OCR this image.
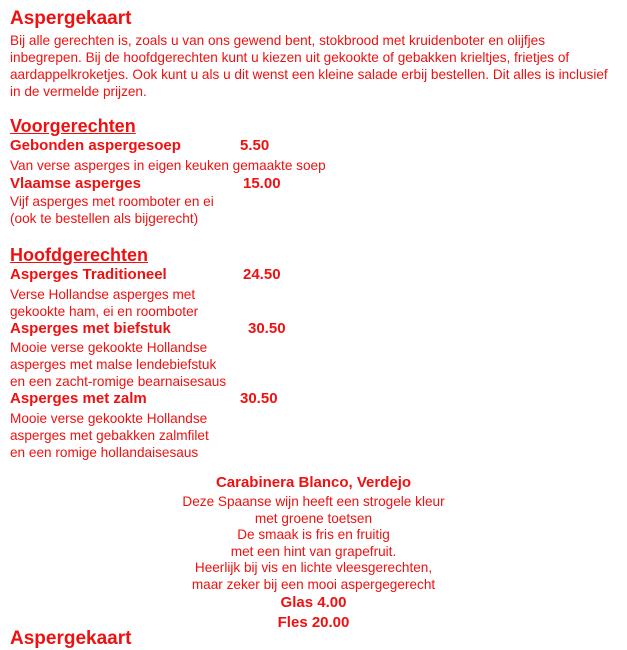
Aspergekaart

Bij alle gerechten is, zoals u van ons gewend bent, stokbrood met kruidenboter en olijfjes inbegrepen. Bij de hoofdgerechten kunt u kiezen uit gekookte of gebakken krieltjes, frietjes of aardappelkroketjes. Ook kunt u als u dit wenst een kleine salade erbij bestellen. Dit alles is inclusief in de vermelde prijzen.

Voorgerechten
Gebonden aspergesoep	5.50
Van verse asperges in eigen keuken gemaakte soep
Vlaamse asperges	15.00
Vijf asperges met roomboter en ei
(ook te bestellen als bijgerecht)
Hoofdgerechten
Asperges Traditioneel	24.50
Verse Hollandse asperges met
gekookte ham, ei en roomboter
Asperges met biefstuk	30.50
Mooie verse gekookte Hollandse
asperges met malse lendebiefstuk
en een zacht-romige bearnaisesaus
Asperges met zalm	30.50
Mooie verse gekookte Hollandse
asperges met gebakken zalmfilet
en een romige hollandaisesaus
Carabinera Blanco, Verdejo
Deze Spaanse wijn heeft een strogele kleur
met groene toetsen
De smaak is fris en fruitig
met een hint van grapefruit.
Heerlijk bij vis en lichte vleesgerechten,
maar zeker bij een mooi aspergegerecht
Glas 4.00
Fles 20.00
Aspergekaart
